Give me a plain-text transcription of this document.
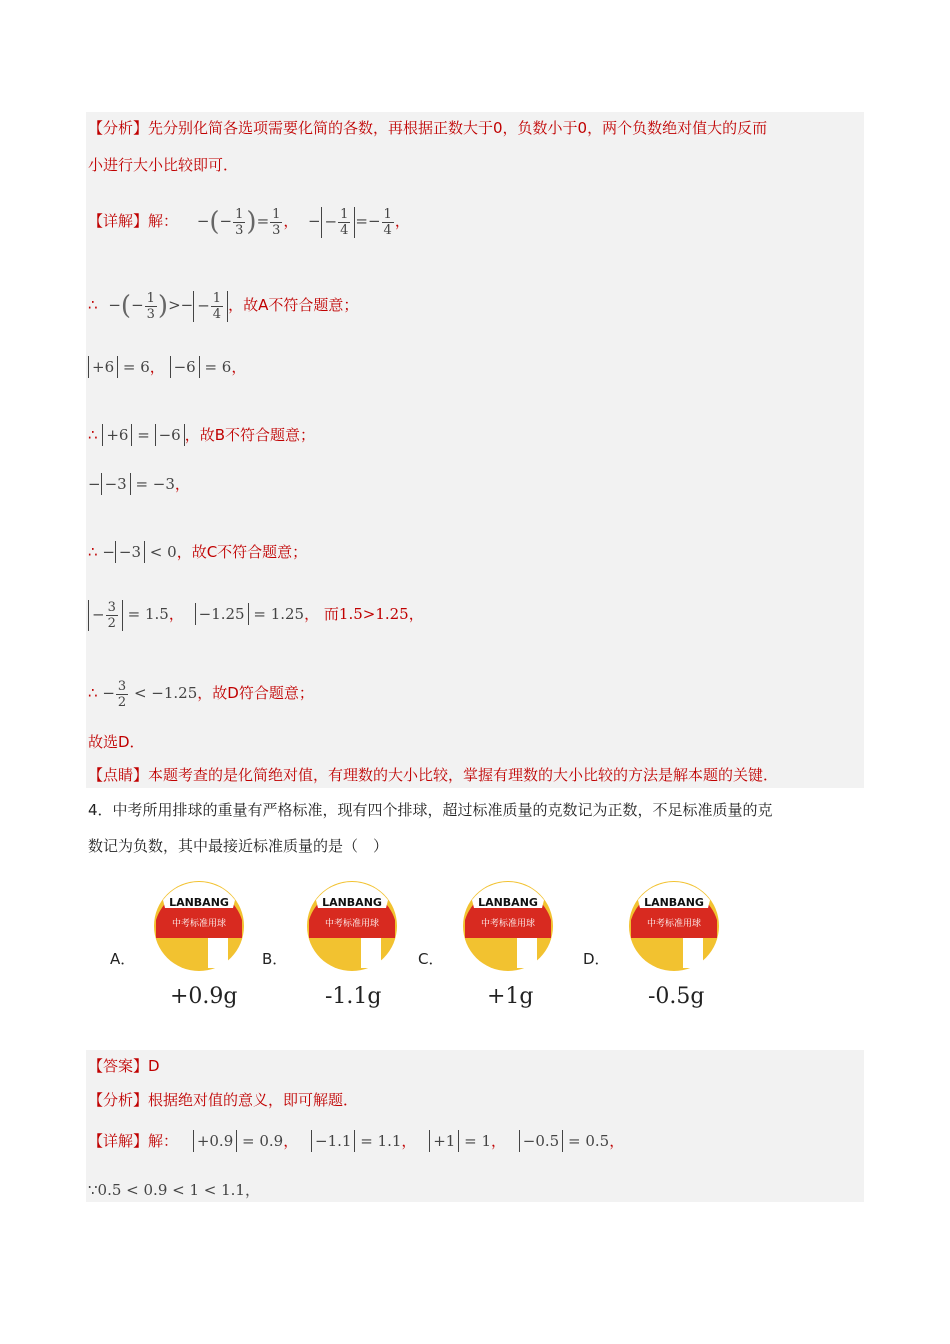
【分析】先分别化简各选项需要化简的各数，再根据正数大于0，负数小于0，两个负数绝对值大的反而
小进行大小比较即可．
【详解】解： −(− $\frac{1}{3}$ )= $\frac{1}{3}$ ，  − − $\frac{1}{4} =- \frac{1}{4}$ ，
∴ −(− $\frac{1}{3}$ )>− − $\frac{1}{4}$ ，故A不符合题意；
+6 = 6， −6 = 6，
∴ +6 = −6 ，故B不符合题意；
− −3 = −3，
∴ − −3 < 0，故C不符合题意；
− $\frac{3}{2} = 1.5$， −1.25 = 1.25， 而1.5>1.25，
∴ − $\frac{3}{2} < -1.25$，故D符合题意；
故选D．
【点睛】本题考查的是化简绝对值，有理数的大小比较，掌握有理数的大小比较的方法是解本题的关键．
4．中考所用排球的重量有严格标准，现有四个排球，超过标准质量的克数记为正数，不足标准质量的克
数记为负数，其中最接近标准质量的是（　）
A．	B．	C．	D．
LANBANG
中考标准用球
LANBANG
中考标准用球
LANBANG
中考标准用球
LANBANG
中考标准用球
+0.9g	-1.1g	+1g	-0.5g
【答案】D
【分析】根据绝对值的意义，即可解题．
【详解】解： +0.9 = 0.9， −1.1 = 1.1， +1 = 1， −0.5 = 0.5，
∵0.5 < 0.9 < 1 < 1.1，
